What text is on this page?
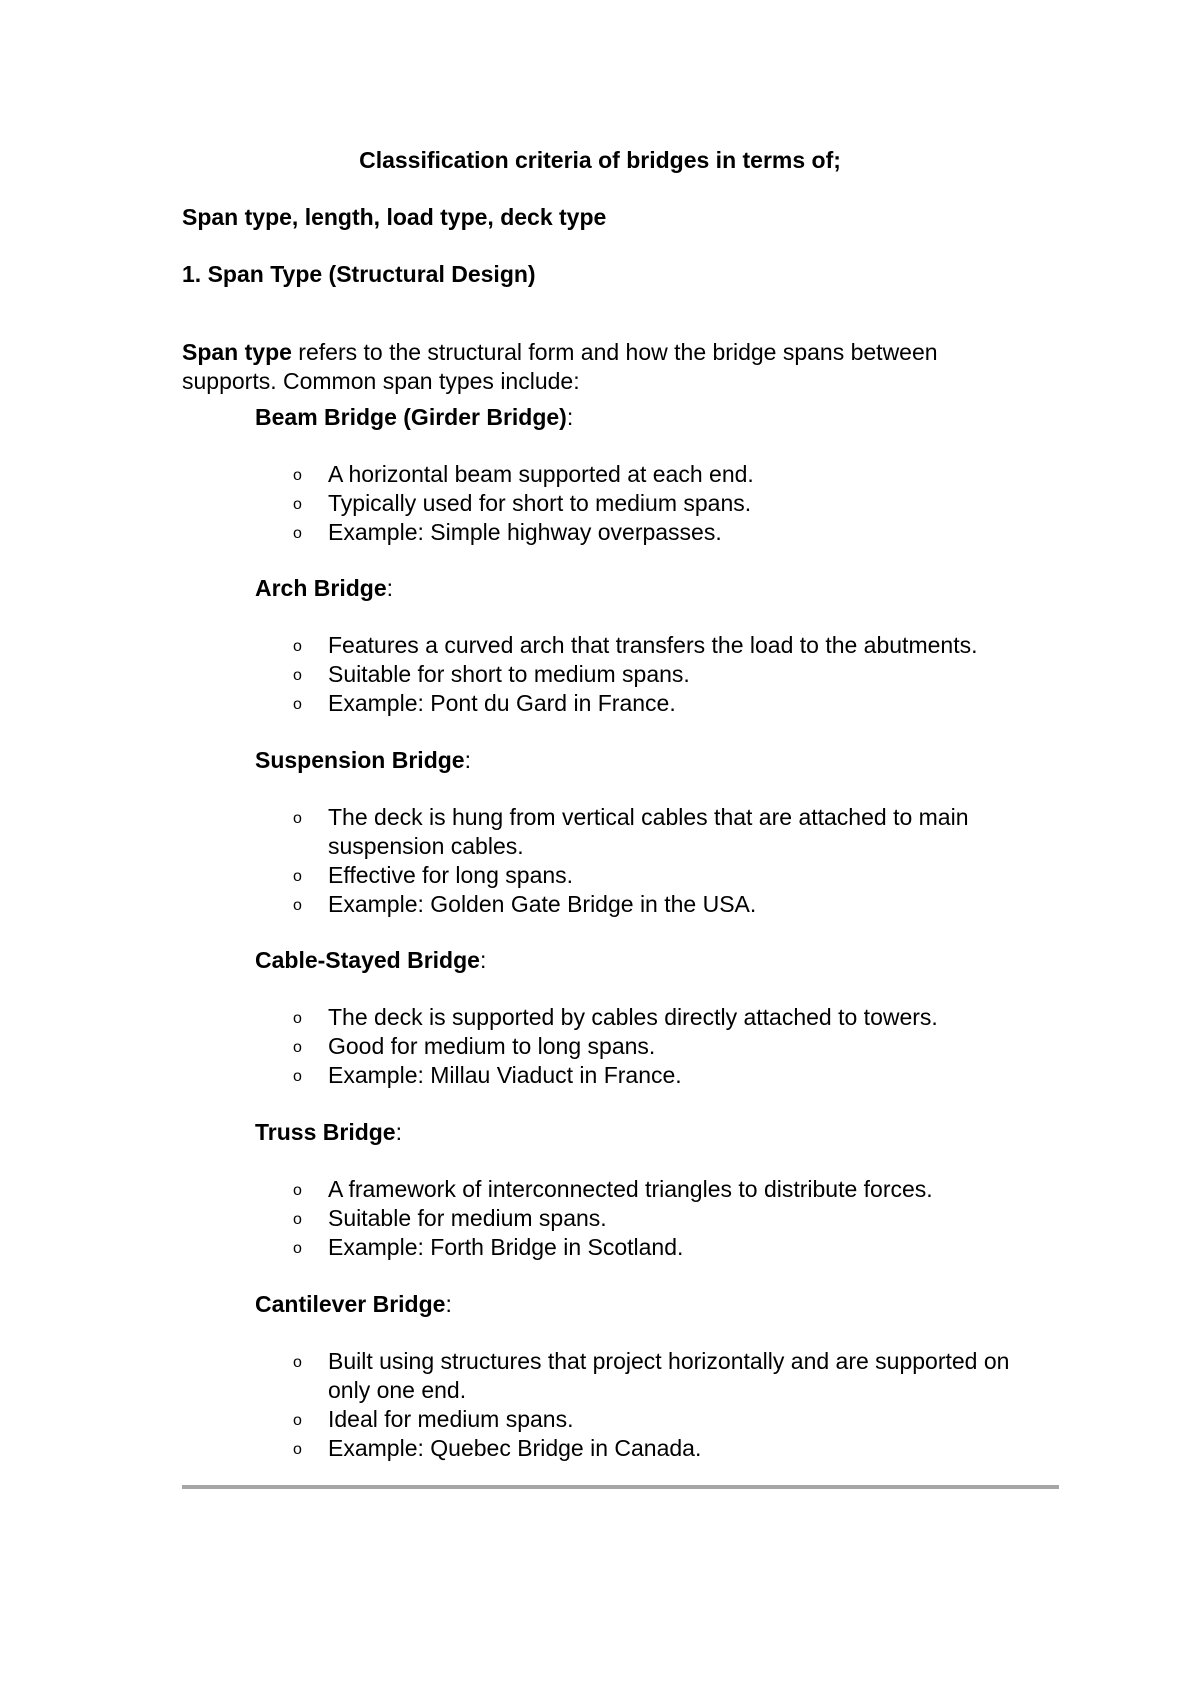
Classification criteria of bridges in terms of;
Span type, length, load type, deck type
1. Span Type (Structural Design)

Span type refers to the structural form and how the bridge spans between supports. Common span types include:

Beam Bridge (Girder Bridge):

o A horizontal beam supported at each end.
o Typically used for short to medium spans.
o Example: Simple highway overpasses.

Arch Bridge:

o Features a curved arch that transfers the load to the abutments.
o Suitable for short to medium spans.
o Example: Pont du Gard in France.

Suspension Bridge:

o The deck is hung from vertical cables that are attached to main suspension cables.
o Effective for long spans.
o Example: Golden Gate Bridge in the USA.

Cable-Stayed Bridge:

o The deck is supported by cables directly attached to towers.
o Good for medium to long spans.
o Example: Millau Viaduct in France.

Truss Bridge:

o A framework of interconnected triangles to distribute forces.
o Suitable for medium spans.
o Example: Forth Bridge in Scotland.

Cantilever Bridge:

o Built using structures that project horizontally and are supported on only one end.
o Ideal for medium spans.
o Example: Quebec Bridge in Canada.
